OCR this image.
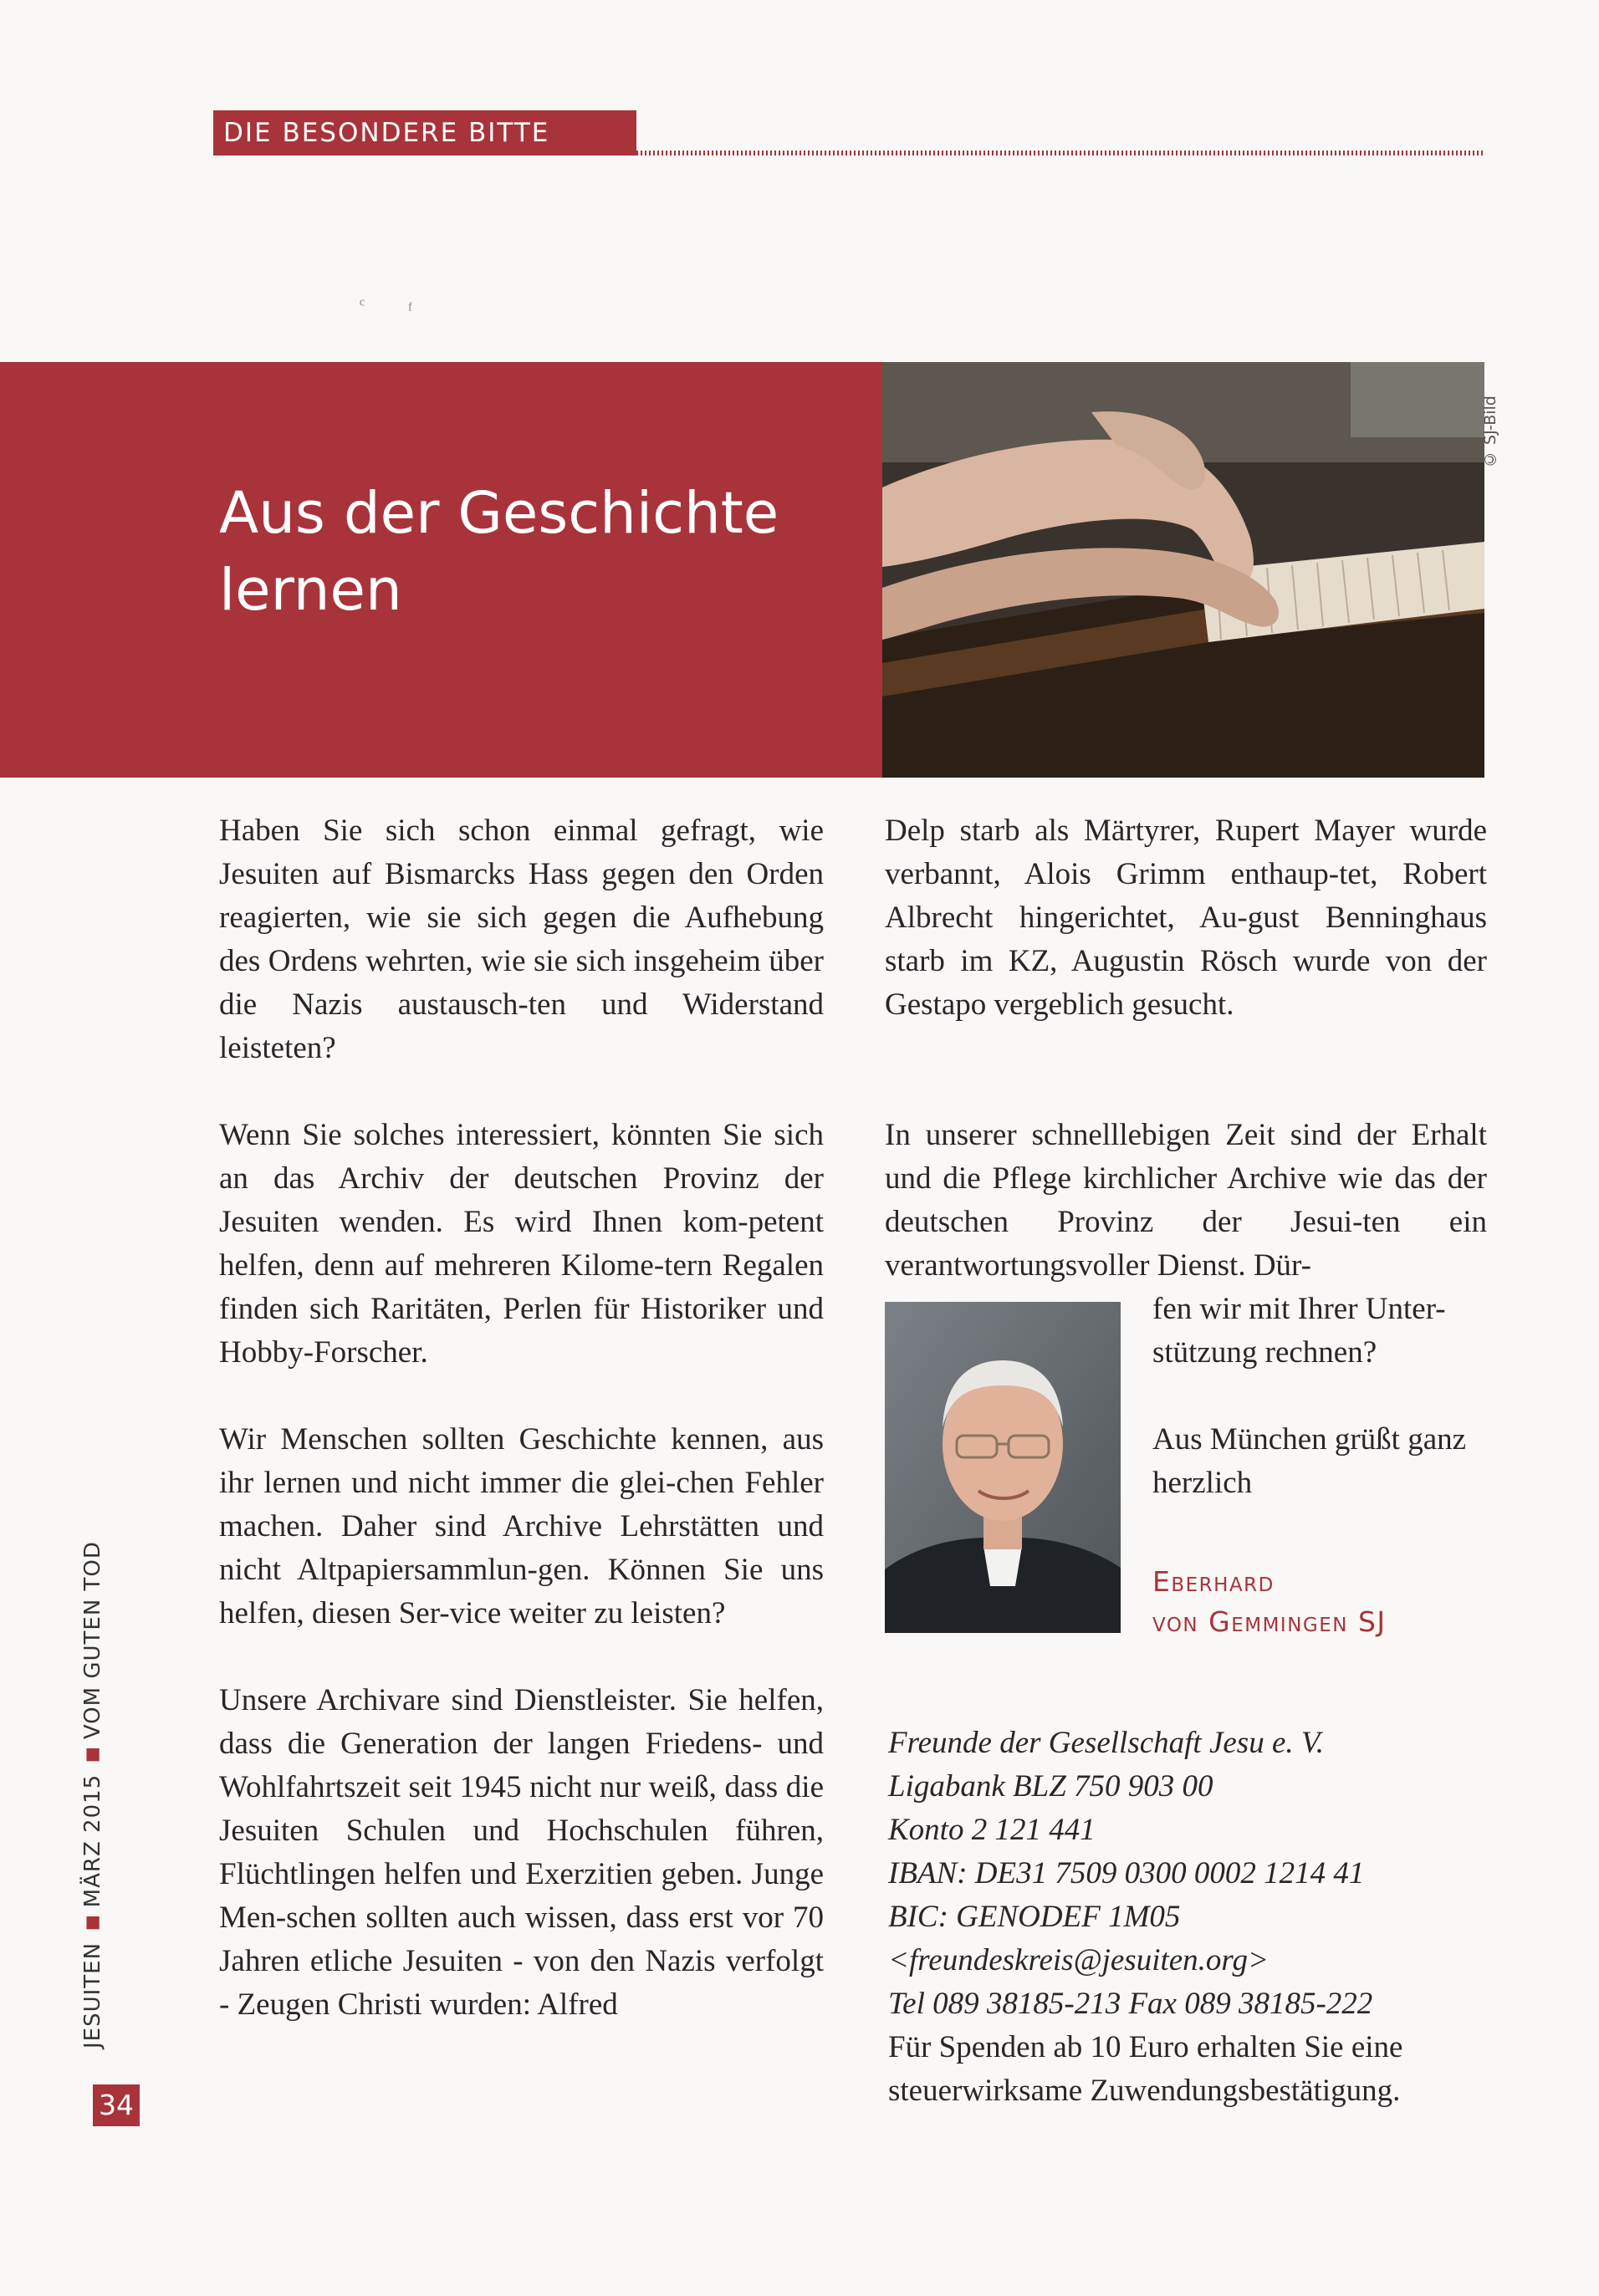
DIE BESONDERE BITTE
ᶜ ᶠ
Aus der Geschichte lernen
© SJ-Bild

Haben Sie sich schon einmal gefragt, wie Jesuiten auf Bismarcks Hass gegen den Orden reagierten, wie sie sich gegen die Aufhebung des Ordens wehrten, wie sie sich insgeheim über die Nazis austausch-ten und Widerstand leisteten?

Wenn Sie solches interessiert, könnten Sie sich an das Archiv der deutschen Provinz der Jesuiten wenden. Es wird Ihnen kom-petent helfen, denn auf mehreren Kilome-tern Regalen finden sich Raritäten, Perlen für Historiker und Hobby-Forscher.

Wir Menschen sollten Geschichte kennen, aus ihr lernen und nicht immer die glei-chen Fehler machen. Daher sind Archive Lehrstätten und nicht Altpapiersammlun-gen. Können Sie uns helfen, diesen Ser-vice weiter zu leisten?

Unsere Archivare sind Dienstleister. Sie helfen, dass die Generation der langen Friedens- und Wohlfahrtszeit seit 1945 nicht nur weiß, dass die Jesuiten Schulen und Hochschulen führen, Flüchtlingen helfen und Exerzitien geben. Junge Men-schen sollten auch wissen, dass erst vor 70 Jahren etliche Jesuiten - von den Nazis verfolgt - Zeugen Christi wurden: Alfred

Delp starb als Märtyrer, Rupert Mayer wurde verbannt, Alois Grimm enthaup-tet, Robert Albrecht hingerichtet, Au-gust Benninghaus starb im KZ, Augustin Rösch wurde von der Gestapo vergeblich gesucht.

In unserer schnelllebigen Zeit sind der Erhalt und die Pflege kirchlicher Archive wie das der deutschen Provinz der Jesui-ten ein verantwortungsvoller Dienst. Dür-

fen wir mit Ihrer Unter-stützung rechnen?

Aus München grüßt ganz herzlich

Eberhard
von Gemmingen SJ
Freunde der Gesellschaft Jesu e. V.
Ligabank BLZ 750 903 00
Konto 2 121 441
IBAN: DE31 7509 0300 0002 1214 41
BIC: GENODEF 1M05
<freundeskreis@jesuiten.org>
Tel 089 38185-213 Fax 089 38185-222
Für Spenden ab 10 Euro erhalten Sie eine
steuerwirksame Zuwendungsbestätigung.
JESUITEN ■ MÄRZ 2015 ■ VOM GUTEN TOD
34
